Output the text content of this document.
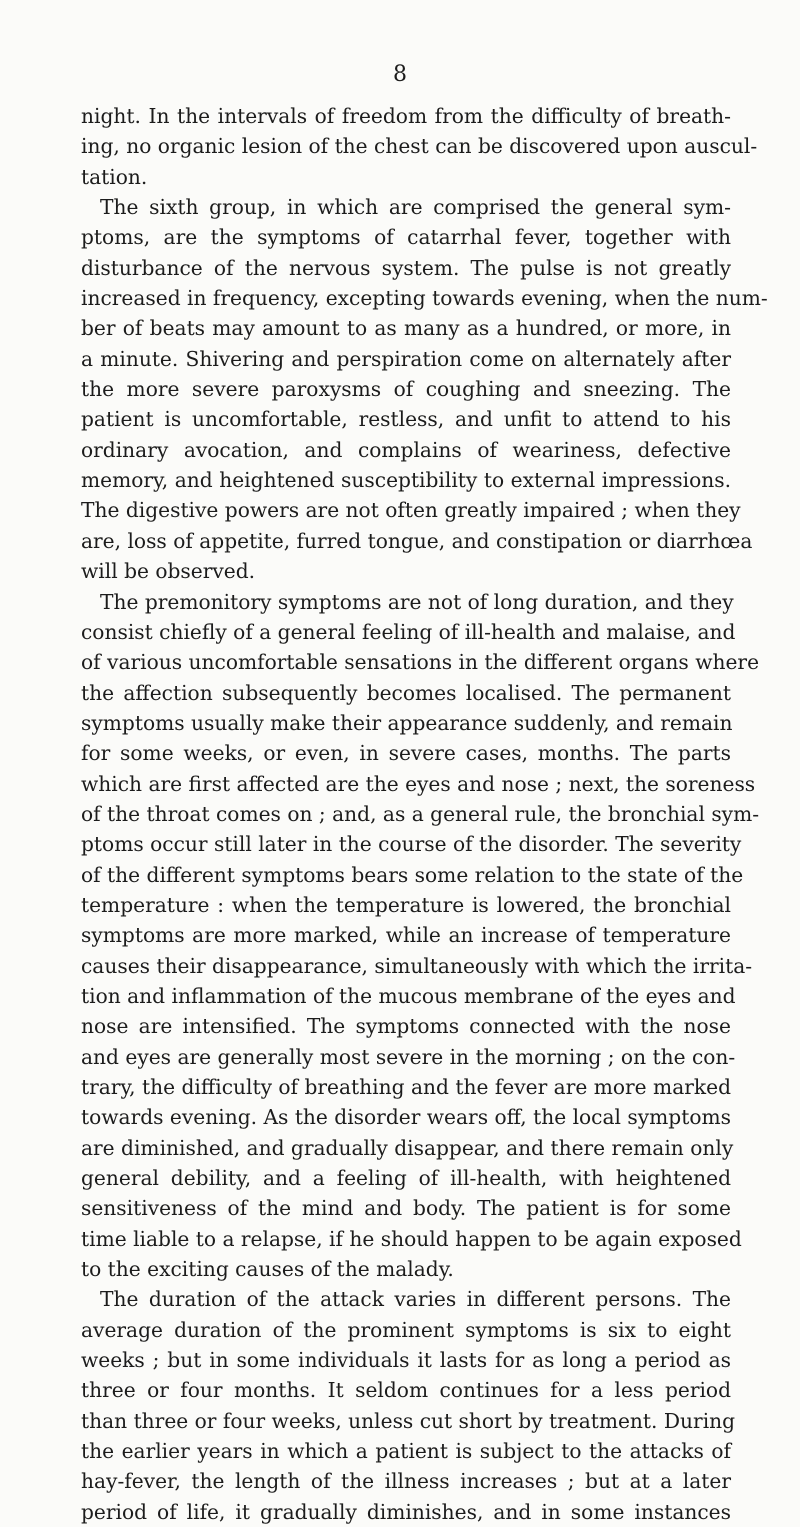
8
night. In the intervals of freedom from the difficulty of breath-
ing, no organic lesion of the chest can be discovered upon auscul-
tation.
The sixth group, in which are comprised the general sym-
ptoms, are the symptoms of catarrhal fever, together with
disturbance of the nervous system. The pulse is not greatly
increased in frequency, excepting towards evening, when the num-
ber of beats may amount to as many as a hundred, or more, in
a minute. Shivering and perspiration come on alternately after
the more severe paroxysms of coughing and sneezing. The
patient is uncomfortable, restless, and unfit to attend to his
ordinary avocation, and complains of weariness, defective
memory, and heightened susceptibility to external impressions.
The digestive powers are not often greatly impaired ; when they
are, loss of appetite, furred tongue, and constipation or diarrhœa
will be observed.
The premonitory symptoms are not of long duration, and they
consist chiefly of a general feeling of ill-health and malaise, and
of various uncomfortable sensations in the different organs where
the affection subsequently becomes localised. The permanent
symptoms usually make their appearance suddenly, and remain
for some weeks, or even, in severe cases, months. The parts
which are first affected are the eyes and nose ; next, the soreness
of the throat comes on ; and, as a general rule, the bronchial sym-
ptoms occur still later in the course of the disorder. The severity
of the different symptoms bears some relation to the state of the
temperature : when the temperature is lowered, the bronchial
symptoms are more marked, while an increase of temperature
causes their disappearance, simultaneously with which the irrita-
tion and inflammation of the mucous membrane of the eyes and
nose are intensified. The symptoms connected with the nose
and eyes are generally most severe in the morning ; on the con-
trary, the difficulty of breathing and the fever are more marked
towards evening. As the disorder wears off, the local symptoms
are diminished, and gradually disappear, and there remain only
general debility, and a feeling of ill-health, with heightened
sensitiveness of the mind and body. The patient is for some
time liable to a relapse, if he should happen to be again exposed
to the exciting causes of the malady.
The duration of the attack varies in different persons. The
average duration of the prominent symptoms is six to eight
weeks ; but in some individuals it lasts for as long a period as
three or four months. It seldom continues for a less period
than three or four weeks, unless cut short by treatment. During
the earlier years in which a patient is subject to the attacks of
hay-fever, the length of the illness increases ; but at a later
period of life, it gradually diminishes, and in some instances
